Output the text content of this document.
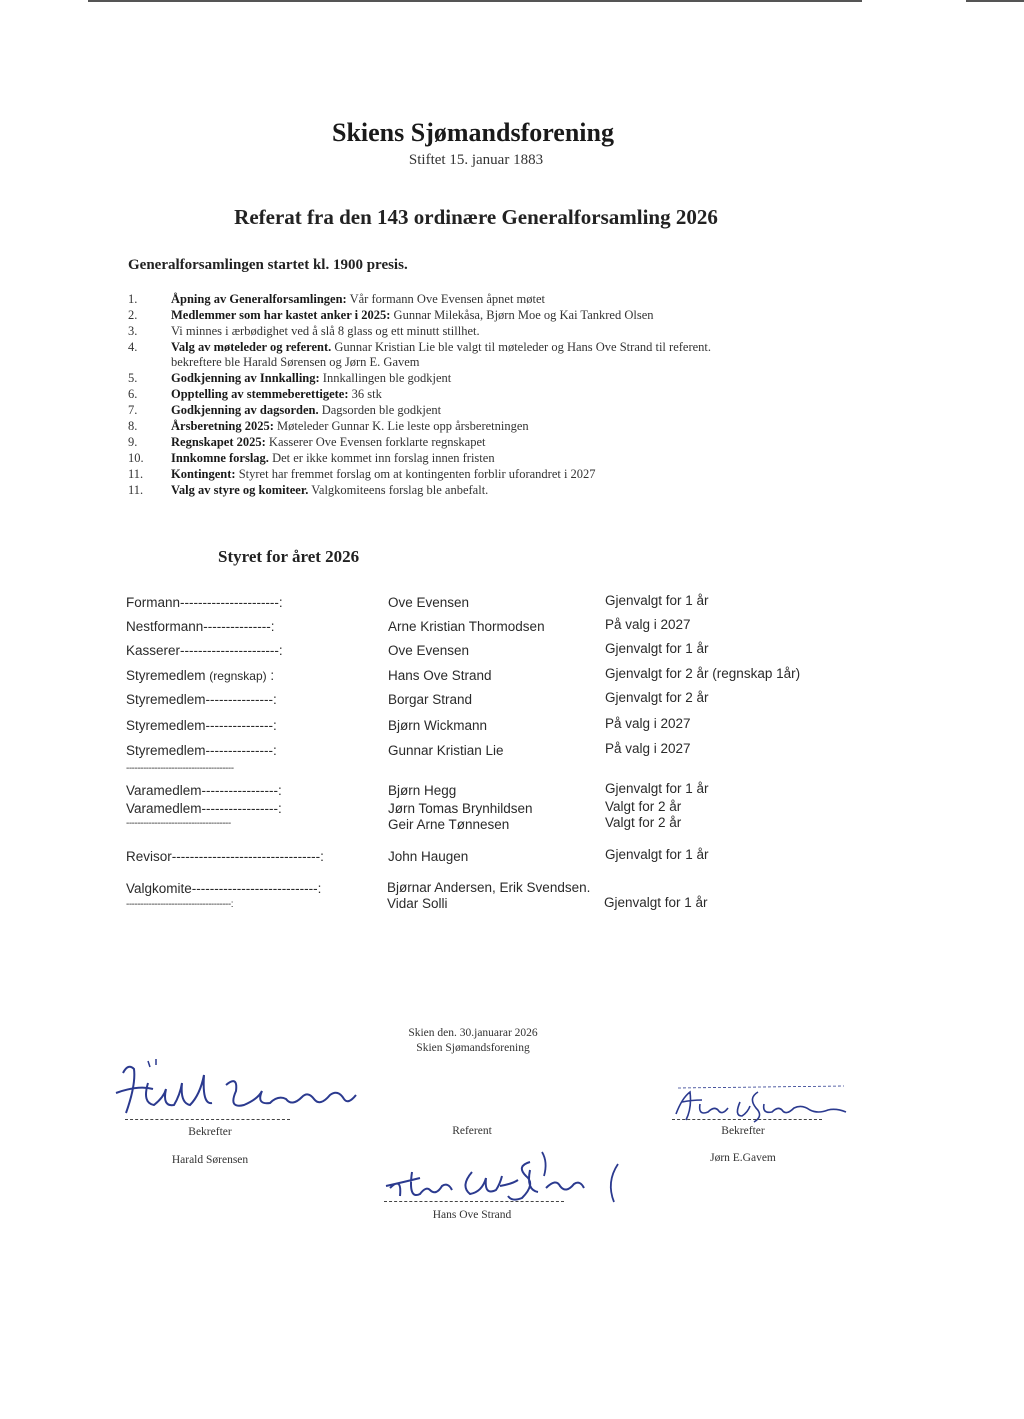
Skiens Sjømandsforening
Stiftet 15. januar 1883
Referat fra den 143 ordinære Generalforsamling 2026
Generalforsamlingen startet kl. 1900 presis.
1.	Åpning av Generalforsamlingen: Vår formann Ove Evensen åpnet møtet
2.	Medlemmer som har kastet anker i 2025: Gunnar Milekåsa, Bjørn Moe og Kai Tankred Olsen
3.	Vi minnes i ærbødighet ved å slå 8 glass og ett minutt stillhet.
4.	Valg av møteleder og referent. Gunnar Kristian Lie ble valgt til møteleder og Hans Ove Strand til referent.
bekreftere ble Harald Sørensen og Jørn E. Gavem
5.	Godkjenning av Innkalling: Innkallingen ble godkjent
6.	Opptelling av stemmeberettigete: 36 stk
7.	Godkjenning av dagsorden. Dagsorden ble godkjent
8.	Årsberetning 2025: Møteleder Gunnar K. Lie leste opp årsberetningen
9.	Regnskapet 2025: Kasserer Ove Evensen forklarte regnskapet
10.	Innkomne forslag. Det er ikke kommet inn forslag innen fristen
11.	Kontingent: Styret har fremmet forslag om at kontingenten forblir uforandret i 2027
11.	Valg av styre og komiteer. Valgkomiteens forslag ble anbefalt.
Styret for året 2026
Formann----------------------:	Ove Evensen	Gjenvalgt for 1 år
Nestformann---------------:	Arne Kristian Thormodsen	På valg i 2027
Kasserer----------------------:	Ove Evensen	Gjenvalgt for 1 år
Styremedlem (regnskap) :	Hans Ove Strand	Gjenvalgt for 2 år (regnskap 1år)
Styremedlem---------------:	Borgar Strand	Gjenvalgt for 2 år
Styremedlem---------------:	Bjørn Wickmann	På valg i 2027
Styremedlem---------------:	Gunnar Kristian Lie	På valg i 2027
--------------------------------------
Varamedlem-----------------:	Bjørn Hegg	Gjenvalgt for 1 år
Varamedlem-----------------:	Jørn Tomas Brynhildsen	Valgt for 2 år
Geir Arne Tønnesen	Valgt for 2 år
-------------------------------------
Revisor---------------------------------:	John Haugen	Gjenvalgt for 1 år
Valgkomite----------------------------:	Bjørnar Andersen, Erik Svendsen.
-------------------------------------:	Vidar Solli	Gjenvalgt for 1 år
Skien den. 30.januarar 2026
Skien Sjømandsforening
Bekrefter
Harald Sørensen
Referent
Hans Ove Strand
Bekrefter
Jørn E.Gavem
